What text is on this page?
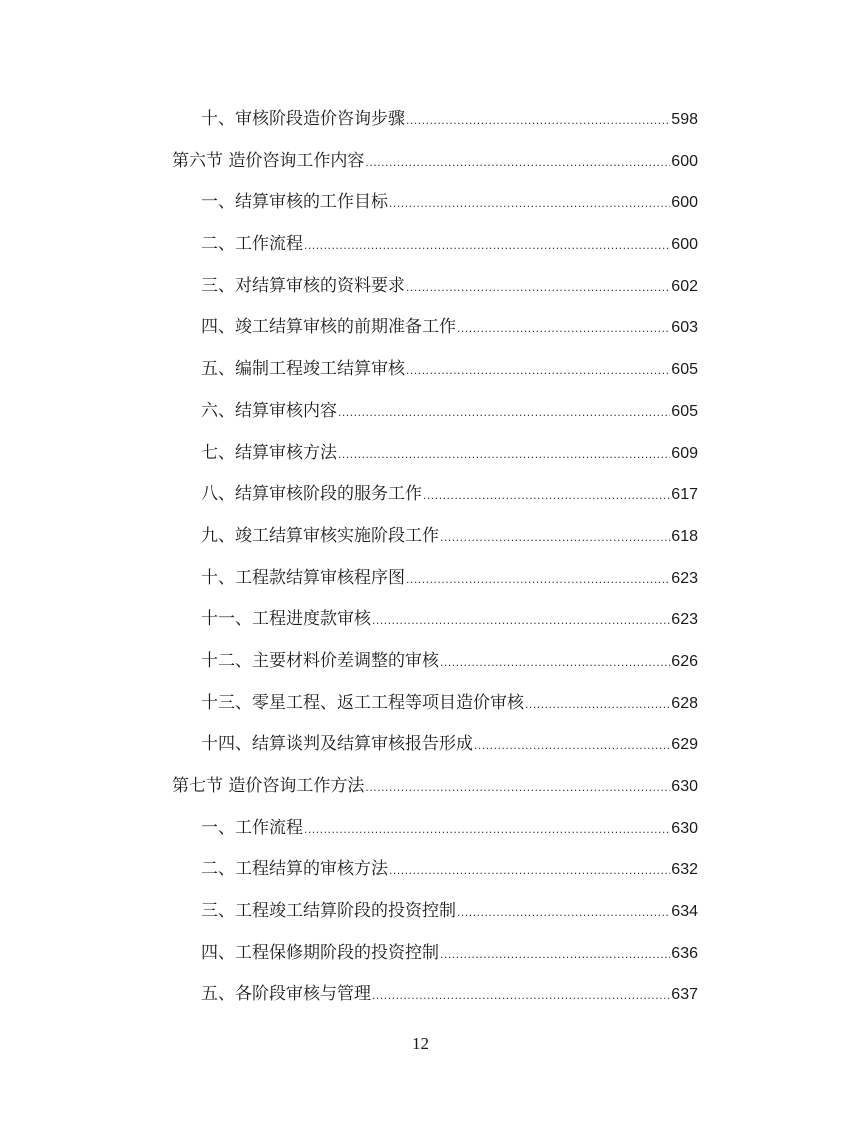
十、审核阶段造价咨询步骤 .....	598
第六节 造价咨询工作内容 .....	600
一、结算审核的工作目标 .....	600
二、工作流程 .....	600
三、对结算审核的资料要求 .....	602
四、竣工结算审核的前期准备工作 .....	603
五、编制工程竣工结算审核 .....	605
六、结算审核内容 .....	605
七、结算审核方法 .....	609
八、结算审核阶段的服务工作 .....	617
九、竣工结算审核实施阶段工作 .....	618
十、工程款结算审核程序图 .....	623
十一、工程进度款审核 .....	623
十二、主要材料价差调整的审核 .....	626
十三、零星工程、返工工程等项目造价审核 .....	628
十四、结算谈判及结算审核报告形成 .....	629
第七节 造价咨询工作方法 .....	630
一、工作流程 .....	630
二、工程结算的审核方法 .....	632
三、工程竣工结算阶段的投资控制 .....	634
四、工程保修期阶段的投资控制 .....	636
五、各阶段审核与管理 .....	637
12
